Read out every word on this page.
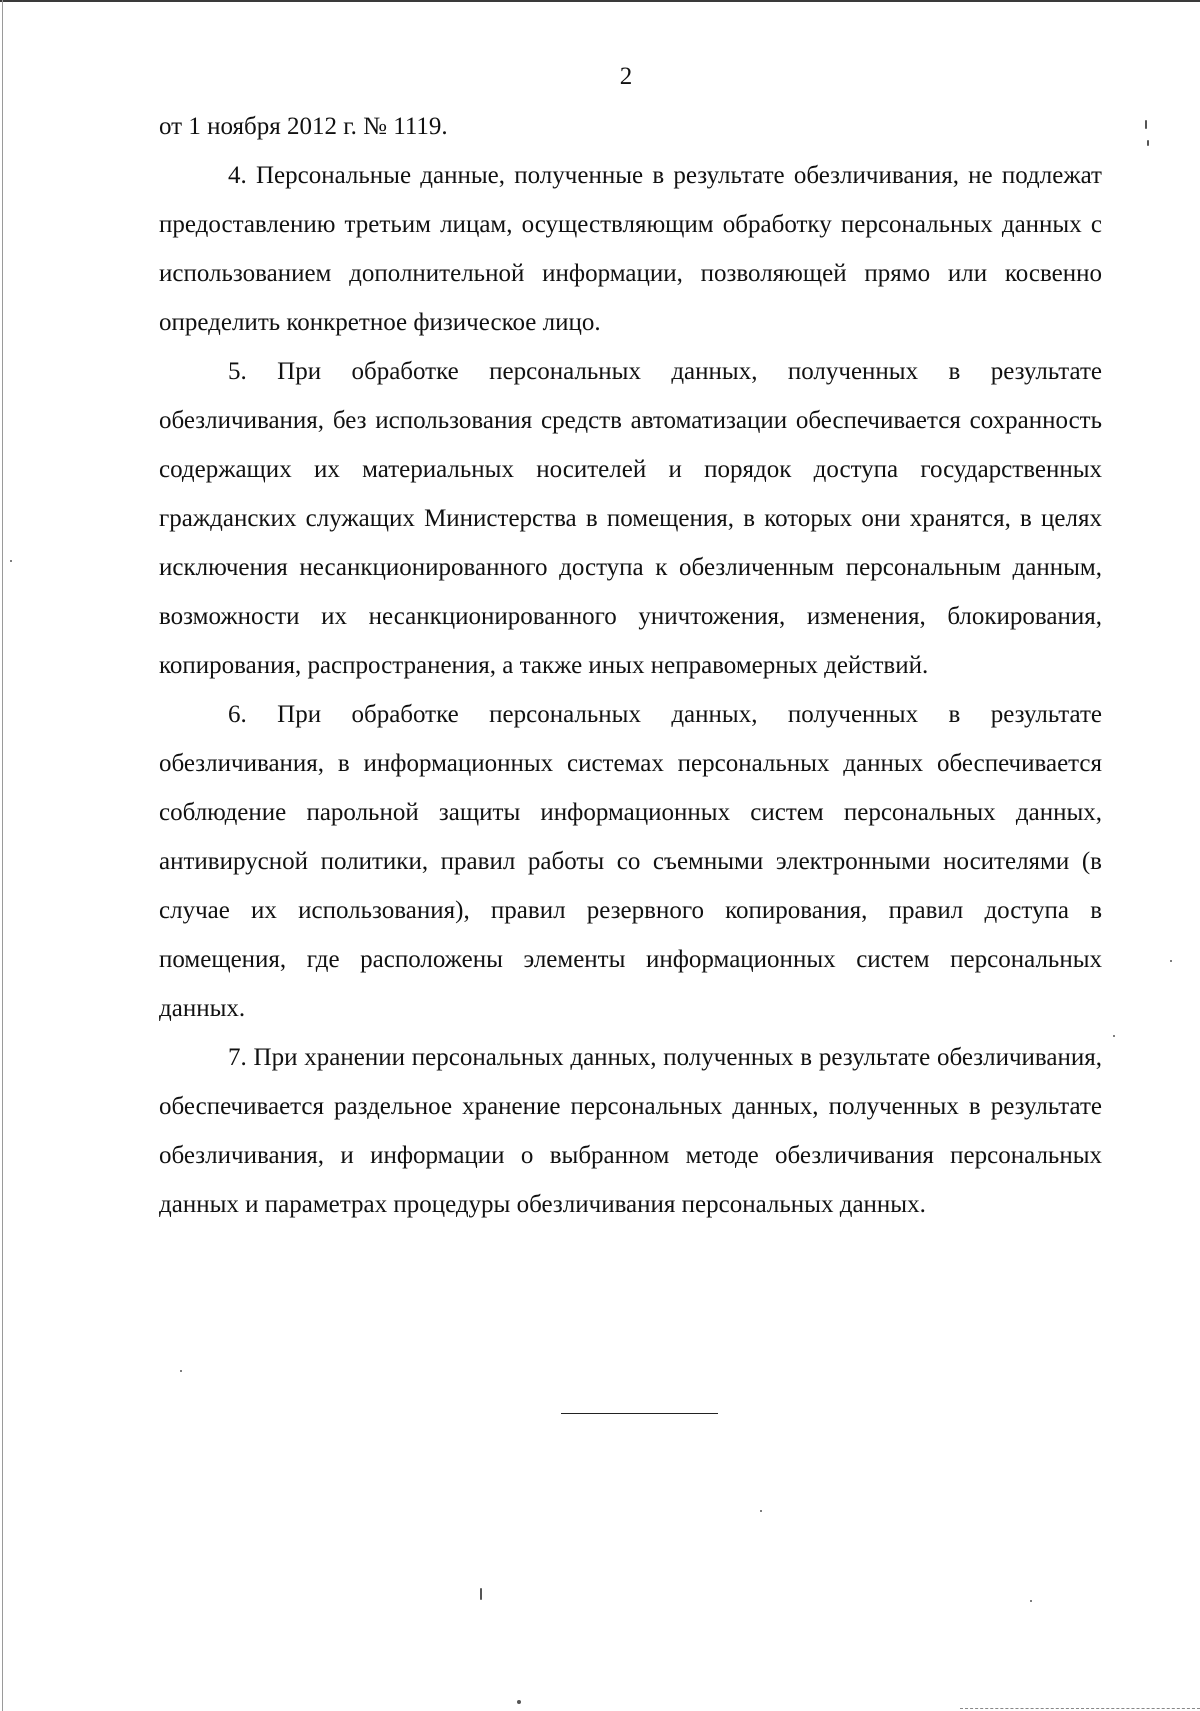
2

от 1 ноября 2012 г. № 1119.

4. Персональные данные, полученные в результате обезличивания, не подлежат предоставлению третьим лицам, осуществляющим обработку персональных данных с использованием дополнительной информации, позволяющей прямо или косвенно определить конкретное физическое лицо.

5. При обработке персональных данных, полученных в результате обезличивания, без использования средств автоматизации обеспечивается сохранность содержащих их материальных носителей и порядок доступа государственных гражданских служащих Министерства в помещения, в которых они хранятся, в целях исключения несанкционированного доступа к обезличенным персональным данным, возможности их несанкционированного уничтожения, изменения, блокирования, копирования, распространения, а также иных неправомерных действий.

6. При обработке персональных данных, полученных в результате обезличивания, в информационных системах персональных данных обеспечивается соблюдение парольной защиты информационных систем персональных данных, антивирусной политики, правил работы со съемными электронными носителями (в случае их использования), правил резервного копирования, правил доступа в помещения, где расположены элементы информационных систем персональных данных.

7. При хранении персональных данных, полученных в результате обезличивания, обеспечивается раздельное хранение персональных данных, полученных в результате обезличивания, и информации о выбранном методе обезличивания персональных данных и параметрах процедуры обезличивания персональных данных.
